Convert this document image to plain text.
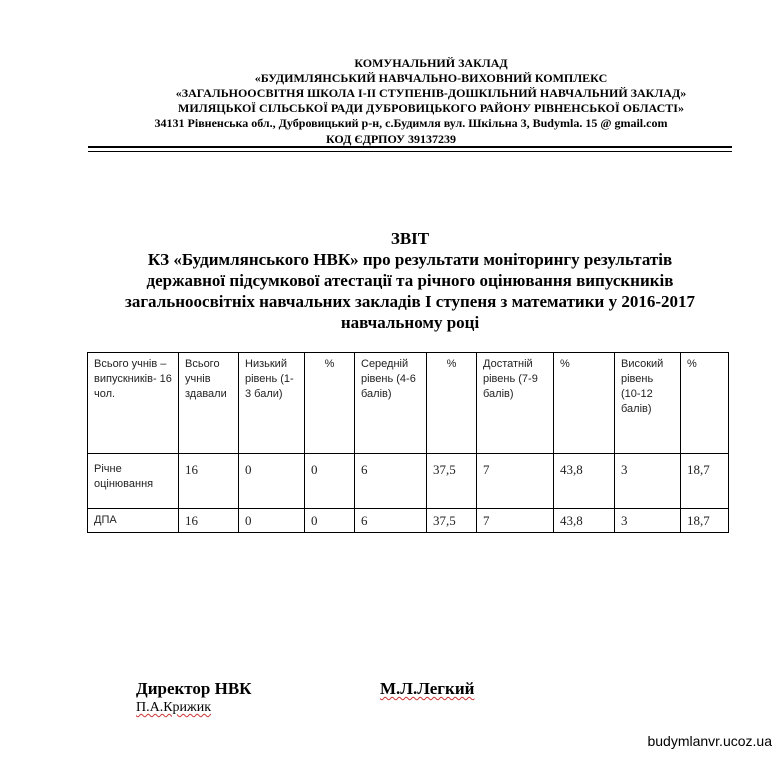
КОМУНАЛЬНИЙ ЗАКЛАД
«БУДИМЛЯНСЬКИЙ НАВЧАЛЬНО-ВИХОВНИЙ КОМПЛЕКС
«ЗАГАЛЬНООСВІТНЯ ШКОЛА І-ІІ СТУПЕНІВ-ДОШКІЛЬНИЙ НАВЧАЛЬНИЙ ЗАКЛАД»
МИЛЯЦЬКОЇ СІЛЬСЬКОЇ РАДИ ДУБРОВИЦЬКОГО РАЙОНУ РІВНЕНСЬКОЇ ОБЛАСТІ»
34131 Рівненська обл., Дубровицький р-н, с.Будимля вул. Шкільна 3, Budymla. 15 @ gmail.com
КОД ЄДРПОУ 39137239
ЗВІТ
КЗ «Будимлянського НВК» про результати моніторингу результатів
державної підсумкової атестації та річного оцінювання випускників
загальноосвітніх навчальних закладів І ступеня з математики у 2016-2017
навчальному році
Всього учнів – випускників- 16 чол.	Всього учнів здавали	Низький рівень (1-3 бали)	%	Середній рівень (4-6 балів)	%	Достатній рівень (7-9 балів)	%	Високий рівень (10-12 балів)	%
Річне оцінювання	16	0	0	6	37,5	7	43,8	3	18,7
ДПА	16	0	0	6	37,5	7	43,8	3	18,7
Директор НВК	М.Л.Легкий
П.А.Крижик
budymlanvr.ucoz.ua
